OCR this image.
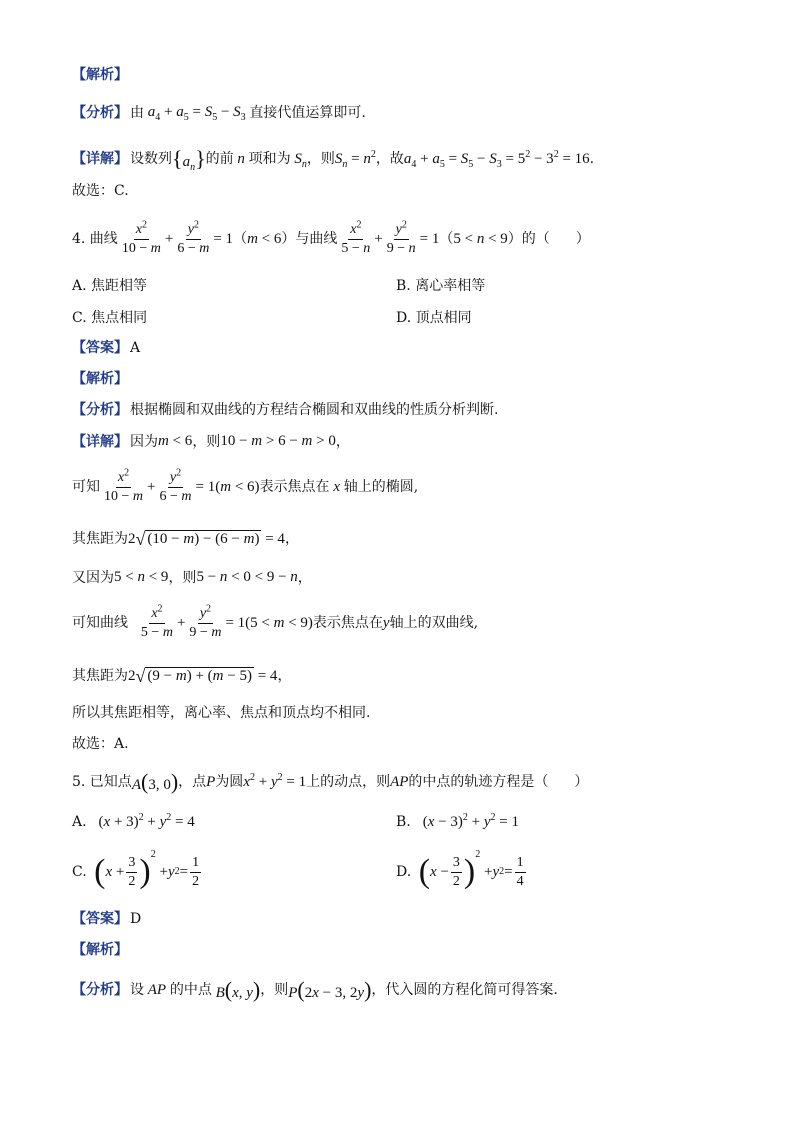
【解析】
【分析】 由 $a_4 + a_5 = S_5 - S_3$ 直接代值运算即可.
【详解】 设数列 $\{a_n\}$ 的前 n 项和为 $S_n$ ，则 $S_n = n^2$ ，故 $a_4 + a_5 = S_5 - S_3 = 5^2 - 3^2 = 16$ .
故选：C.
4. 曲线 $\frac{x^2}{10 - m} + \frac{y^2}{6 - m} = 1$ （ m < 6 ）与曲线 $\frac{x^2}{5 - n} + \frac{y^2}{9 - n} = 1$ （ 5 < n < 9 ）的（ ）
A. 焦距相等	B. 离心率相等
C. 焦点相同	D. 顶点相同
【答案】 A
【解析】
【分析】 根据椭圆和双曲线的方程结合椭圆和双曲线的性质分析判断.
【详解】 因为 m < 6 ，则 10 − m > 6 − m > 0 ，
可知 $\frac{x^2}{10 - m} + \frac{y^2}{6 - m} = 1(m < 6)$ 表示焦点在 x 轴上的椭圆,
其焦距为 2 √ (10 − m) − (6 − m) = 4 ，
又因为 5 < n < 9 ，则 5 − n < 0 < 9 − n ，
可知曲线
$\frac{x^2}{5 - m} + \frac{y^2}{9 - m} = 1(5 < m < 9)$ 表示焦点在 y 轴上的双曲线,
其焦距为 2 √ (9 − m) + (m − 5) = 4 ，
所以其焦距相等，离心率、焦点和顶点均不相同.
故选：A.
5. 已知点 A(3, 0) ，点 P 为圆 $x^2 + y^2 = 1$ 上的动点，则 AP 的中点的轨迹方程是（ ）
A.   $(x + 3)^2 + y^2 = 4$	B.   $(x - 3)^2 + y^2 = 1$
C.
( $x + \frac{3}{2}$ ) 2
+ y $2 = \frac{1}{2}$	D.
( $x - \frac{3}{2}$ ) 2
+ y $2 = \frac{1}{4}$
【答案】 D
【解析】
【分析】 设 AP 的中点 B(x, y) ，则 P(2x − 3, 2y) ，代入圆的方程化简可得答案.
